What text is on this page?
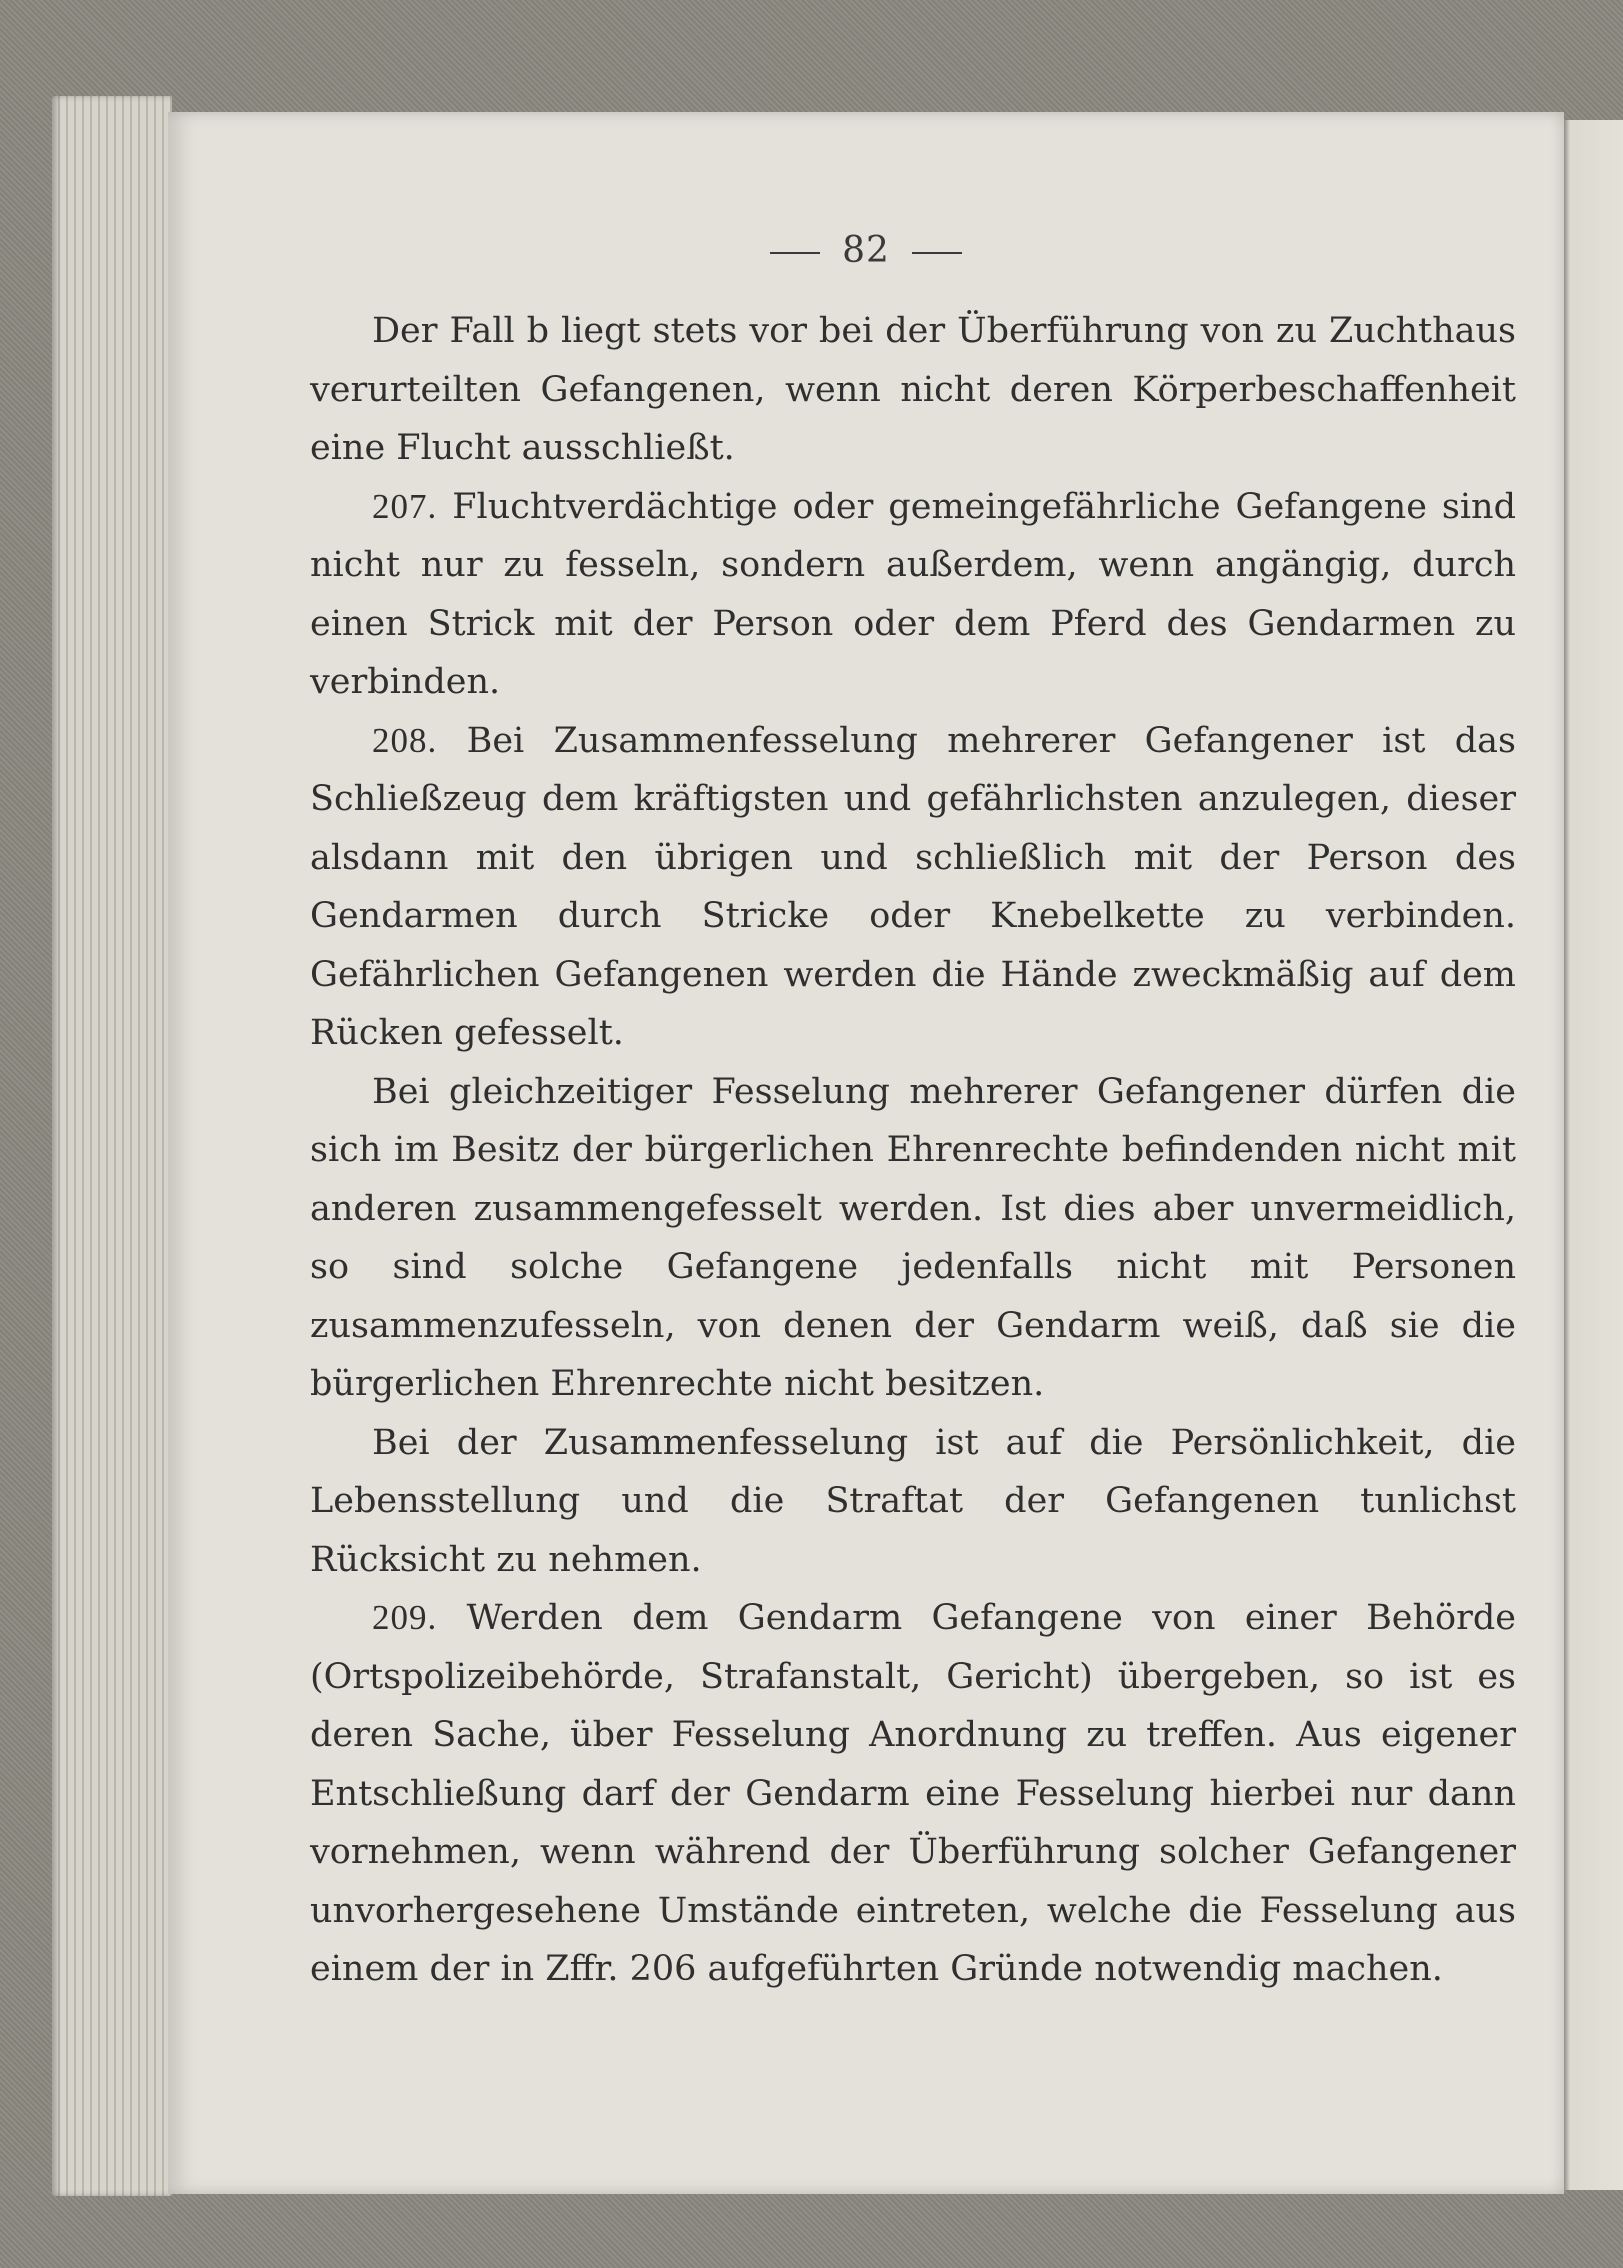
82

Der Fall b liegt stets vor bei der Überführung von zu Zuchthaus verurteilten Gefangenen, wenn nicht deren Körperbeschaffenheit eine Flucht ausschließt.

207. Fluchtverdächtige oder gemeingefährliche Gefangene sind nicht nur zu fesseln, sondern außerdem, wenn angängig, durch einen Strick mit der Person oder dem Pferd des Gendarmen zu verbinden.

208. Bei Zusammenfesselung mehrerer Gefangener ist das Schließzeug dem kräftigsten und gefährlichsten anzulegen, dieser alsdann mit den übrigen und schließlich mit der Person des Gendarmen durch Stricke oder Knebelkette zu verbinden. Gefährlichen Gefangenen werden die Hände zweckmäßig auf dem Rücken gefesselt.

Bei gleichzeitiger Fesselung mehrerer Gefangener dürfen die sich im Besitz der bürgerlichen Ehrenrechte befindenden nicht mit anderen zusammengefesselt werden. Ist dies aber unvermeidlich, so sind solche Gefangene jedenfalls nicht mit Personen zusammenzufesseln, von denen der Gendarm weiß, daß sie die bürgerlichen Ehrenrechte nicht besitzen.

Bei der Zusammenfesselung ist auf die Persönlichkeit, die Lebensstellung und die Straftat der Gefangenen tunlichst Rücksicht zu nehmen.

209. Werden dem Gendarm Gefangene von einer Behörde (Ortspolizeibehörde, Strafanstalt, Gericht) übergeben, so ist es deren Sache, über Fesselung Anordnung zu treffen. Aus eigener Entschließung darf der Gendarm eine Fesselung hierbei nur dann vornehmen, wenn während der Überführung solcher Gefangener unvorhergesehene Umstände eintreten, welche die Fesselung aus einem der in Zffr. 206 aufgeführten Gründe notwendig machen.
